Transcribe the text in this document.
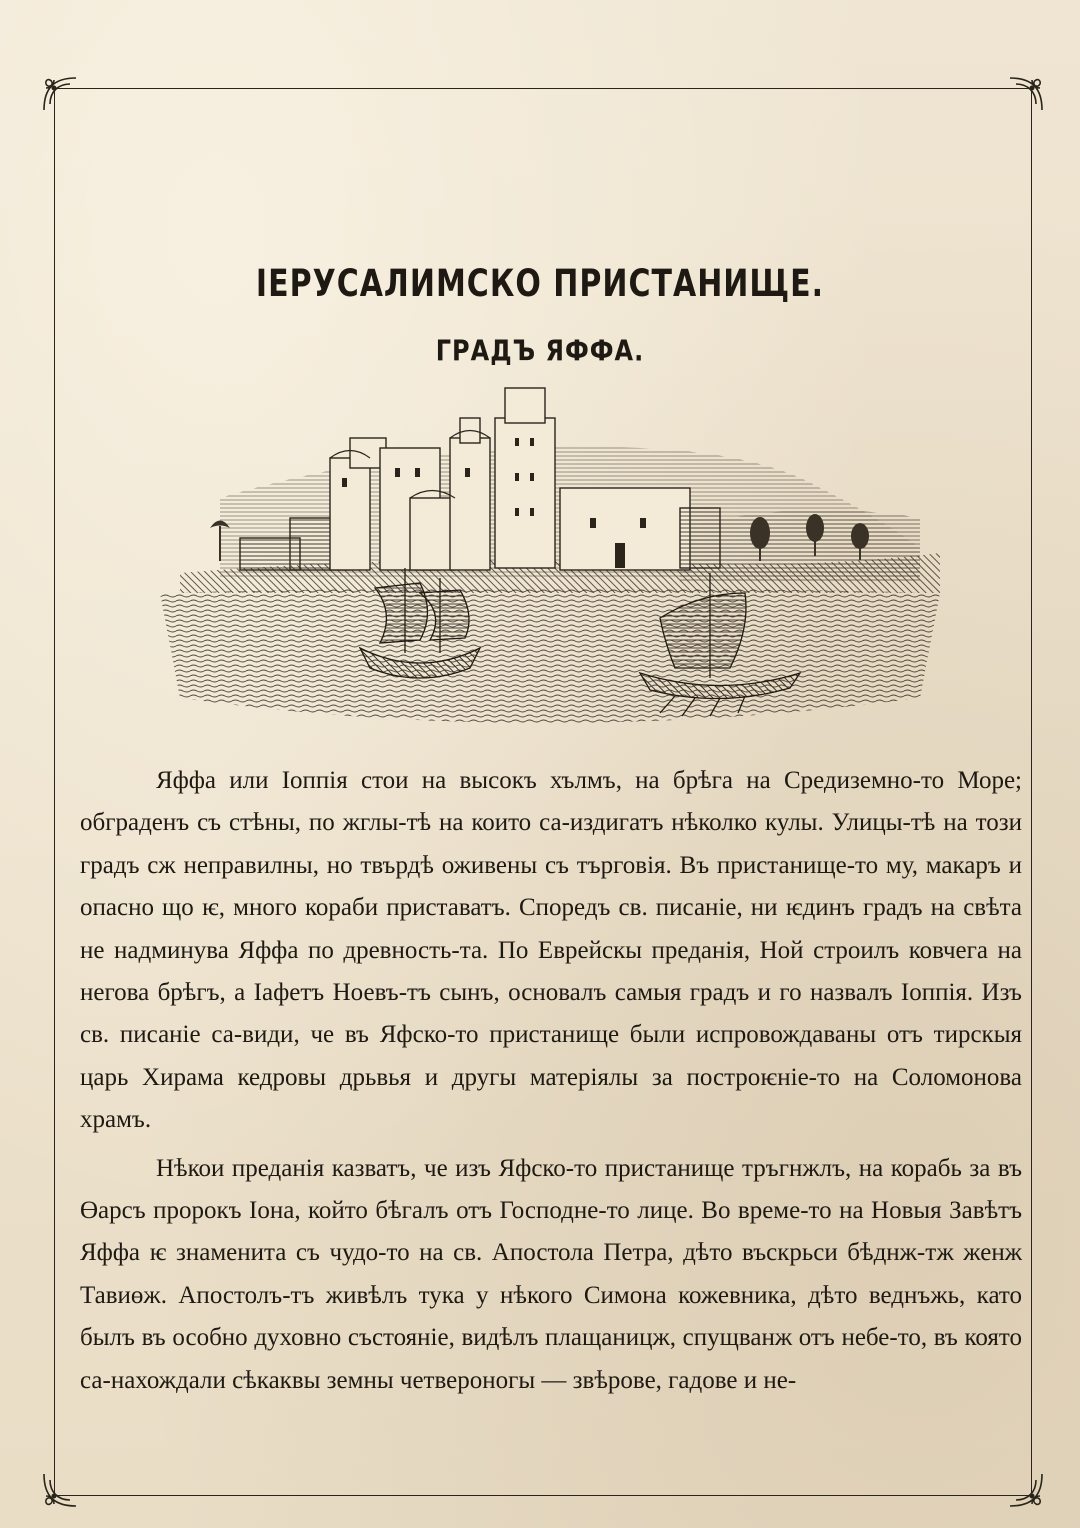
ІЕРУСАЛИМСКО ПРИСТАНИЩЕ.
ГРАДЪ ЯФФА.

Яффа или Іоппія стои на высокъ хълмъ, на брѣга на Средиземно-то Море; обграденъ съ стѣны, по жглы-тѣ на които са-издигатъ нѣколко кулы. Улицы-тѣ на този градъ сж неправилны, но твърдѣ оживены съ търговія. Въ пристанище-то му, макаръ и опасно що ѥ, много кораби приставатъ. Споредъ св. писаніе, ни ѥдинъ градъ на свѣта не надминува Яффа по древность-та. По Еврейскы преданія, Ной строилъ ковчега на негова брѣгъ, а Іафетъ Ноевъ-тъ сынъ, основалъ самыя градъ и го назвалъ Іоппія. Изъ св. писаніе са-види, че въ Яфско-то пристанище были испровождаваны отъ тирскыя царь Хирама кедровы дрьвья и другы матеріялы за построѥніе-то на Соломонова храмъ.

Нѣкои преданія казватъ, че изъ Яфско-то пристанище тръгнжлъ, на корабь за въ Өарсъ пророкъ Іона, който бѣгалъ отъ Господне-то лице. Во време-то на Новыя Завѣтъ Яффа ѥ знаменита съ чудо-то на св. Апостола Петра, дѣто въскрьси бѣднж-тж женж Тавиөж. Апостолъ-тъ живѣлъ тука у нѣкого Симона кожевника, дѣто веднъжь, като былъ въ особно духовно състояніе, видѣлъ плащаницж, спущванж отъ небе-то, въ която са-нахождали сѣкаквы земны четвероногы — звѣрове, гадове и не-
